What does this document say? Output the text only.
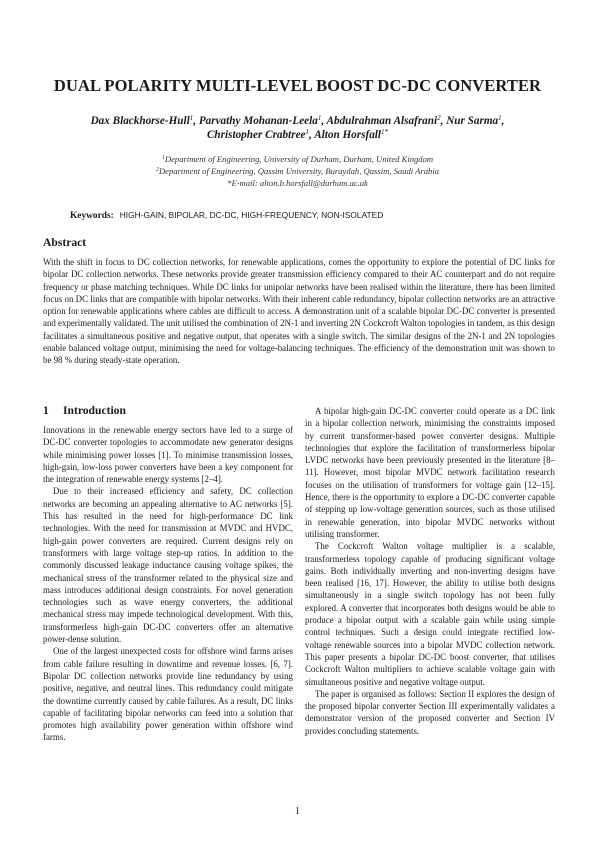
DUAL POLARITY MULTI-LEVEL BOOST DC-DC CONVERTER
Dax Blackhorse-Hull$^1$, Parvathy Mohanan-Leela$^1$, Abdulrahman Alsafrani$^2$, Nur Sarma$^1$,
Christopher Crabtree$^1$, Alton Horsfall$^{1*}$
$^1$Department of Engineering, University of Durham, Durham, United Kingdom
$^2$Department of Engineering, Qassim University, Buraydah, Qassim, Saudi Arabia
*E-mail: alton.b.horsfall@durham.ac.uk
Keywords: HIGH-GAIN, BIPOLAR, DC-DC, HIGH-FREQUENCY, NON-ISOLATED
Abstract

With the shift in focus to DC collection networks, for renewable applications, comes the opportunity to explore the potential of DC links for bipolar DC collection networks. These networks provide greater transmission efficiency compared to their AC counterpart and do not require frequency or phase matching techniques. While DC links for unipolar networks have been realised within the literature, there has been limited focus on DC links that are compatible with bipolar networks. With their inherent cable redundancy, bipolar collection networks are an attractive option for renewable applications where cables are difficult to access. A demonstration unit of a scalable bipolar DC-DC converter is presented and experimentally validated. The unit utilised the combination of 2N-1 and inverting 2N Cockcroft Walton topologies in tandem, as this design facilitates a simultaneous positive and negative output, that operates with a single switch. The similar designs of the 2N-1 and 2N topologies enable balanced voltage output, minimising the need for voltage-balancing techniques. The efficiency of the demonstration unit was shown to be 98 % during steady-state operation.

1 Introduction

Innovations in the renewable energy sectors have led to a surge of DC-DC converter topologies to accommodate new generator designs while minimising power losses [1]. To minimise transmission losses, high-gain, low-loss power converters have been a key component for the integration of renewable energy systems [2–4].

Due to their increased efficiency and safety, DC collection networks are becoming an appealing alternative to AC networks [5]. This has resulted in the need for high-performance DC link technologies. With the need for transmission at MVDC and HVDC, high-gain power converters are required. Current designs rely on transformers with large voltage step-up ratios. In addition to the commonly discussed leakage inductance causing voltage spikes, the mechanical stress of the transformer related to the physical size and mass introduces additional design constraints. For novel generation technologies such as wave energy converters, the additional mechanical stress may impede technological development. With this, transformerless high-gain DC-DC converters offer an alternative power-dense solution.

One of the largest unexpected costs for offshore wind farms arises from cable failure resulting in downtime and revenue losses. [6, 7]. Bipolar DC collection networks provide line redundancy by using positive, negative, and neutral lines. This redundancy could mitigate the downtime currently caused by cable failures. As a result, DC links capable of facilitating bipolar networks can feed into a solution that promotes high availability power generation within offshore wind farms.

A bipolar high-gain DC-DC converter could operate as a DC link in a bipolar collection network, minimising the constraints imposed by current transformer-based power converter designs. Multiple technologies that explore the facilitation of transformerless bipolar LVDC networks have been previously presented in the literature [8–11]. However, most bipolar MVDC network facilitation research focuses on the utilisation of transformers for voltage gain [12–15]. Hence, there is the opportunity to explore a DC-DC converter capable of stepping up low-voltage generation sources, such as those utilised in renewable generation, into bipolar MVDC networks without utilising transformer.

The Cockcroft Walton voltage multiplier is a scalable, transformerless topology capable of producing significant voltage gains. Both individually inverting and non-inverting designs have been realised [16, 17]. However, the ability to utilise both designs simultaneously in a single switch topology has not been fully explored. A converter that incorporates both designs would be able to produce a bipolar output with a scalable gain while using simple control techniques. Such a design could integrate rectified low-voltage renewable sources into a bipolar MVDC collection network. This paper presents a bipolar DC-DC boost converter, that utilises Cockcroft Walton multipliers to achieve scalable voltage gain with simultaneous positive and negative voltage output.

The paper is organised as follows: Section II explores the design of the proposed bipolar converter Section III experimentally validates a demonstrator version of the proposed converter and Section IV provides concluding statements.

1
